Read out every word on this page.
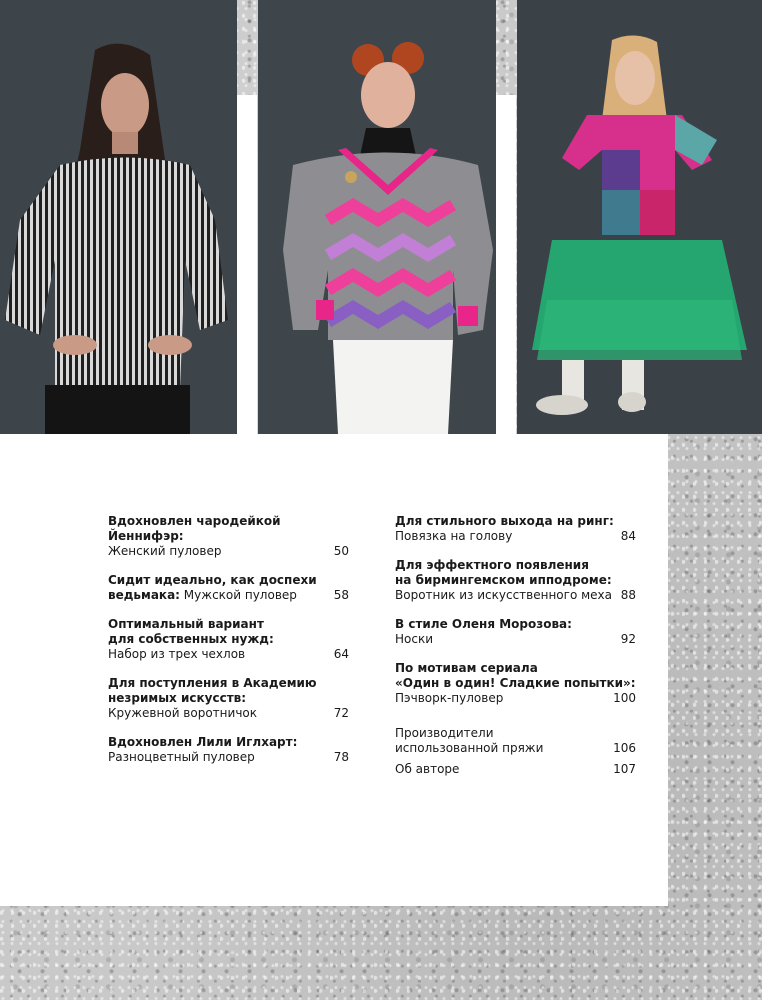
Вдохновлен чародейкой Йеннифэр:
Женский пуловер	50
Сидит идеально, как доспехи
ведьмака: Мужской пуловер	58
Оптимальный вариант
для собственных нужд:
Набор из трех чехлов	64
Для поступления в Академию
незримых искусств:
Кружевной воротничок	72
Вдохновлен Лили Иглхарт:
Разноцветный пуловер	78
Для стильного выхода на ринг:
Повязка на голову	84
Для эффектного появления
на бирмингемском ипподроме:
Воротник из искусственного меха 88
В стиле Оленя Морозова:
Носки	92
По мотивам сериала
«Один в один! Сладкие попытки»:
Пэчворк-пуловер	100
Производители
использованной пряжи	106
Об авторе	107
